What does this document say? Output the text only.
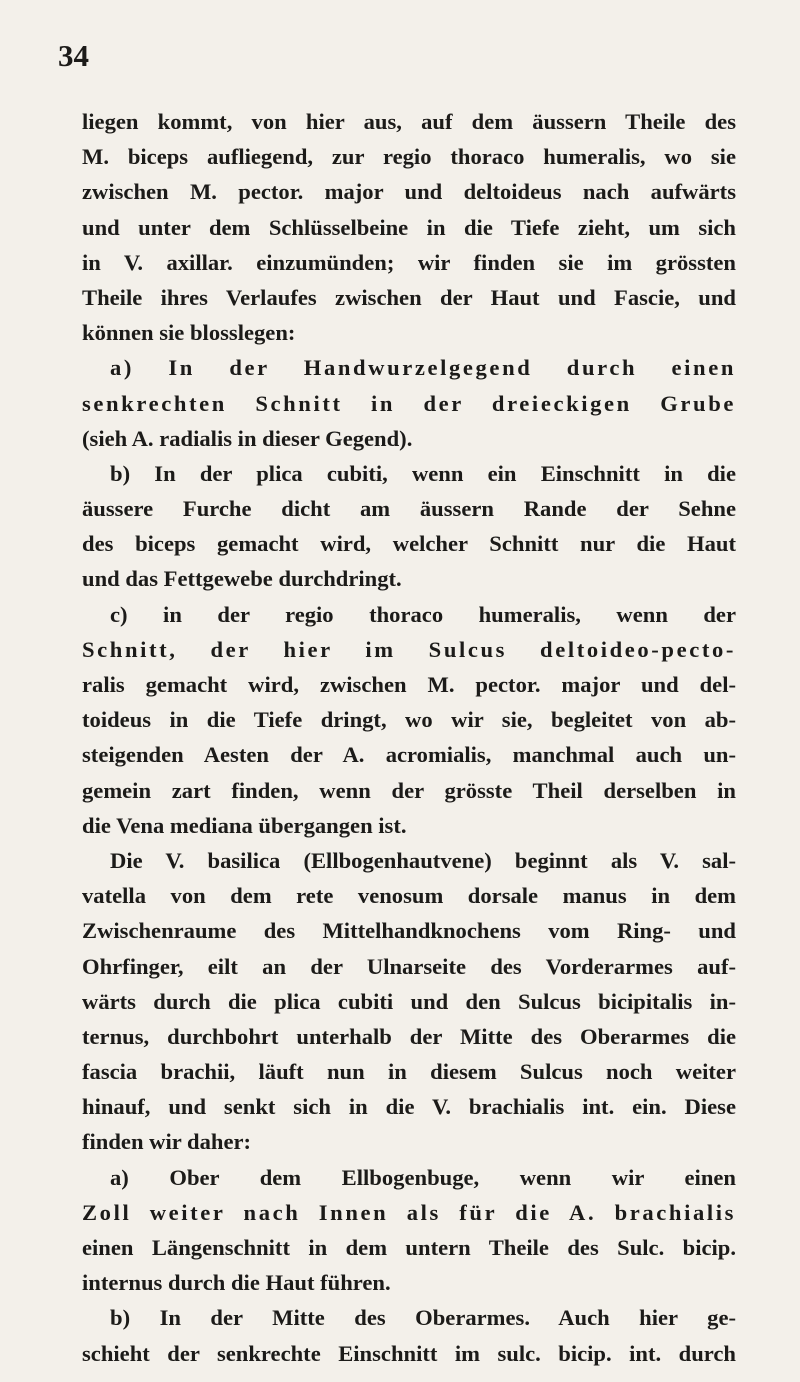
34
liegen kommt, von hier aus, auf dem äussern Theile des
M. biceps aufliegend, zur regio thoraco humeralis, wo sie
zwischen M. pector. major und deltoideus nach aufwärts
und unter dem Schlüsselbeine in die Tiefe zieht, um sich
in V. axillar. einzumünden; wir finden sie im grössten
Theile ihres Verlaufes zwischen der Haut und Fascie, und
können sie blosslegen:
a) In der Handwurzelgegend durch einen
senkrechten Schnitt in der dreieckigen Grube
(sieh A. radialis in dieser Gegend).
b) In der plica cubiti, wenn ein Einschnitt in die
äussere Furche dicht am äussern Rande der Sehne
des biceps gemacht wird, welcher Schnitt nur die Haut
und das Fettgewebe durchdringt.
c) in der regio thoraco humeralis, wenn der
Schnitt, der hier im Sulcus deltoideo-pecto-
ralis gemacht wird, zwischen M. pector. major und del-
toideus in die Tiefe dringt, wo wir sie, begleitet von ab-
steigenden Aesten der A. acromialis, manchmal auch un-
gemein zart finden, wenn der grösste Theil derselben in
die Vena mediana übergangen ist.
Die V. basilica (Ellbogenhautvene) beginnt als V. sal-
vatella von dem rete venosum dorsale manus in dem
Zwischenraume des Mittelhandknochens vom Ring- und
Ohrfinger, eilt an der Ulnarseite des Vorderarmes auf-
wärts durch die plica cubiti und den Sulcus bicipitalis in-
ternus, durchbohrt unterhalb der Mitte des Oberarmes die
fascia brachii, läuft nun in diesem Sulcus noch weiter
hinauf, und senkt sich in die V. brachialis int. ein. Diese
finden wir daher:
a) Ober dem Ellbogenbuge, wenn wir einen
Zoll weiter nach Innen als für die A. brachialis
einen Längenschnitt in dem untern Theile des Sulc. bicip.
internus durch die Haut führen.
b) In der Mitte des Oberarmes. Auch hier ge-
schieht der senkrechte Einschnitt im sulc. bicip. int. durch
